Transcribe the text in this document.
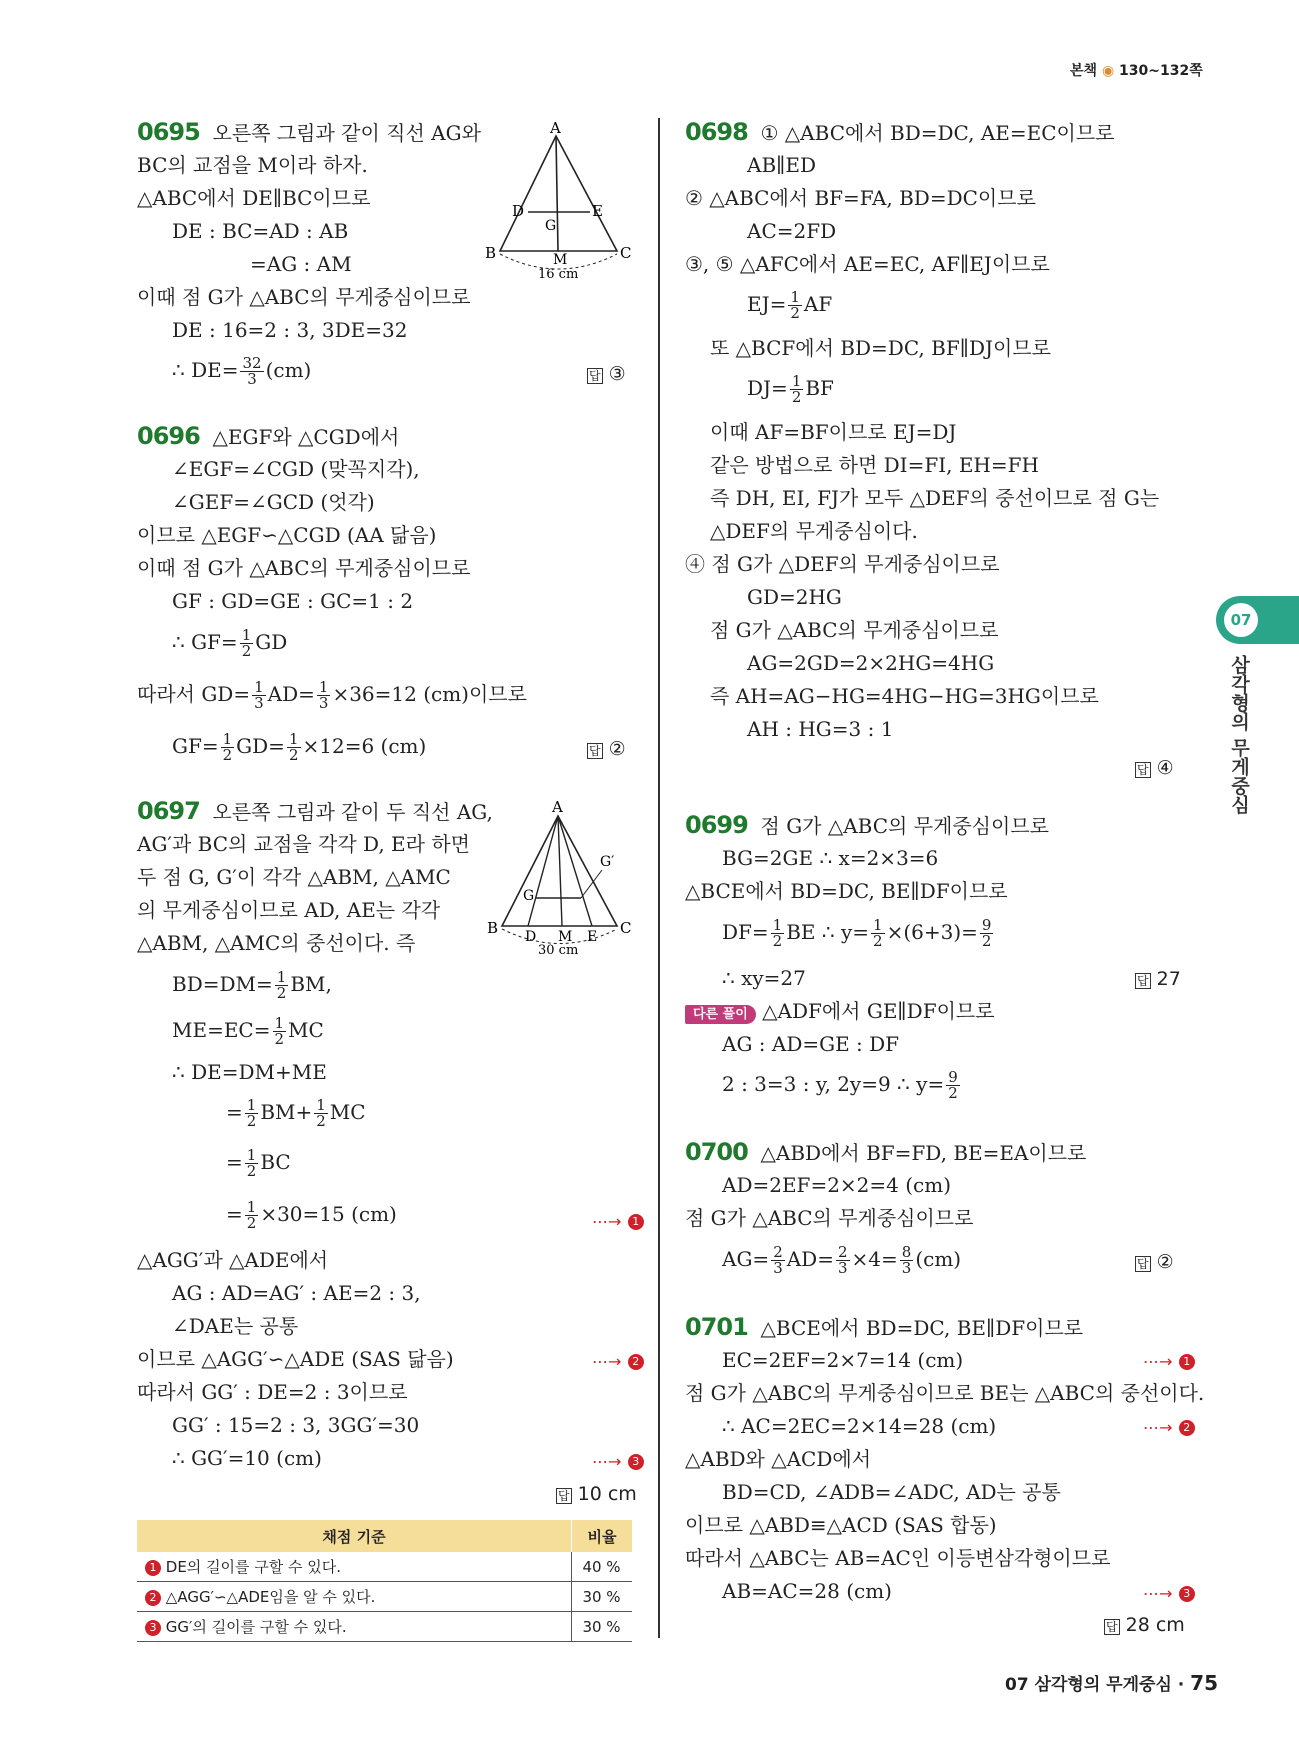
본책 ◉ 130~132쪽
07
삼각형의 무게중심
0695 오른쪽 그림과 같이 직선 AG와
BC의 교점을 M이라 하자.
△ABC에서 DE∥BC이므로
DE : BC=AD : AB
=AG : AM
이때 점 G가 △ABC의 무게중심이므로
DE : 16=2 : 3, 3DE=32
∴ $DE= \frac{32}{3} (cm)$	답 ③
A
B	C
D	E
G
M
16 cm
0696 △EGF와 △CGD에서
∠EGF=∠CGD (맞꼭지각),
∠GEF=∠GCD (엇각)
이므로 △EGF∽△CGD (AA 닮음)
이때 점 G가 △ABC의 무게중심이므로
GF : GD=GE : GC=1 : 2
∴ $GF= \frac{1}{2}$ GD
따라서 $GD= \frac{1}{3} AD= \frac{1}{3} \times 36=12$ (cm)이므로
$GF= \frac{1}{2} GD= \frac{1}{2} \times 12=6$ (cm)	답 ②
0697 오른쪽 그림과 같이 두 직선 AG,
AG′과 BC의 교점을 각각 D, E라 하면
두 점 G, G′이 각각 △ABM, △AMC
의 무게중심이므로 AD, AE는 각각
△ABM, △AMC의 중선이다. 즉
$BD=DM= \frac{1}{2}$ BM,
$ME=EC= \frac{1}{2}$ MC
∴ DE=DM+ME
= $\frac{1}{2} BM+ \frac{1}{2}$ MC
= $\frac{1}{2}$ BC
= $\frac{1}{2} \times 30=15$ (cm)	⋯→ 1
△AGG′과 △ADE에서
AG : AD=AG′ : AE=2 : 3,
∠DAE는 공통
이므로 △AGG′∽△ADE (SAS 닮음)	⋯→ 2
따라서 GG′ : DE=2 : 3이므로
GG′ : 15=2 : 3, 3GG′=30
∴ GG′=10 (cm)	⋯→ 3
답 10 cm
A
B	C
D M E
G
G′
30 cm
채점 기준	비율
1 DE의 길이를 구할 수 있다.	40 %
2 △AGG′∽△ADE임을 알 수 있다.	30 %
3 GG′의 길이를 구할 수 있다.	30 %
0698 ① △ABC에서 BD=DC, AE=EC이므로
AB∥ED
② △ABC에서 BF=FA, BD=DC이므로
AC=2FD
③, ⑤ △AFC에서 AE=EC, AF∥EJ이므로
$EJ= \frac{1}{2}$ AF
또 △BCF에서 BD=DC, BF∥DJ이므로
$DJ= \frac{1}{2}$ BF
이때 AF=BF이므로 EJ=DJ
같은 방법으로 하면 DI=FI, EH=FH
즉 DH, EI, FJ가 모두 △DEF의 중선이므로 점 G는
△DEF의 무게중심이다.
④ 점 G가 △DEF의 무게중심이므로
GD=2HG
점 G가 △ABC의 무게중심이므로
AG=2GD=2×2HG=4HG
즉 AH=AG−HG=4HG−HG=3HG이므로
AH : HG=3 : 1
답 ④
0699 점 G가 △ABC의 무게중심이므로
BG=2GE ∴ x=2×3=6
△BCE에서 BD=DC, BE∥DF이므로
$DF= \frac{1}{2}$ BE ∴ $y= \frac{1}{2} \times(6+3)= \frac{9}{2}$
∴ xy=27	답 27
다른 풀이 △ADF에서 GE∥DF이므로
AG : AD=GE : DF
2 : 3=3 : y, 2y=9 ∴ $y= \frac{9}{2}$
0700 △ABD에서 BF=FD, BE=EA이므로
AD=2EF=2×2=4 (cm)
점 G가 △ABC의 무게중심이므로
$AG= \frac{2}{3} AD= \frac{2}{3} \times 4= \frac{8}{3} (cm)$	답 ②
0701 △BCE에서 BD=DC, BE∥DF이므로
EC=2EF=2×7=14 (cm)	⋯→ 1
점 G가 △ABC의 무게중심이므로 BE는 △ABC의 중선이다.
∴ AC=2EC=2×14=28 (cm)	⋯→ 2
△ABD와 △ACD에서
BD=CD, ∠ADB=∠ADC, AD는 공통
이므로 △ABD≡△ACD (SAS 합동)
따라서 △ABC는 AB=AC인 이등변삼각형이므로
AB=AC=28 (cm)	⋯→ 3
답 28 cm
07 삼각형의 무게중심 · 75
